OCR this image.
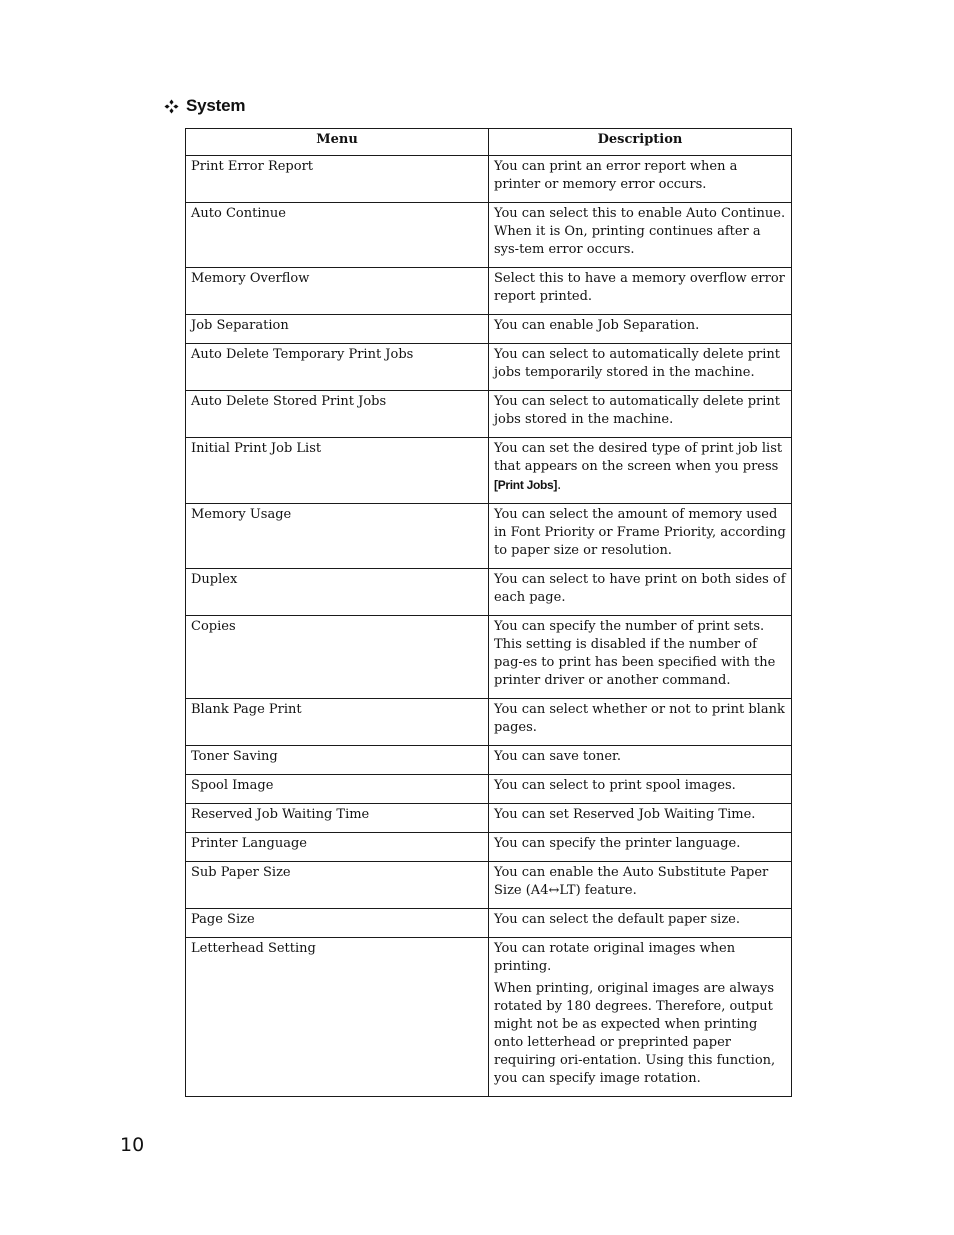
System
Menu	Description
Print Error Report	You can print an error report when a printer or memory error occurs.

Auto Continue	You can select this to enable Auto Continue. When it is On, printing continues after a sys-tem error occurs.

Memory Overflow	Select this to have a memory overflow error report printed.

Job Separation	You can enable Job Separation.

Auto Delete Temporary Print Jobs	You can select to automatically delete print jobs temporarily stored in the machine.

Auto Delete Stored Print Jobs	You can select to automatically delete print jobs stored in the machine.

Initial Print Job List	You can set the desired type of print job list that appears on the screen when you press [Print Jobs].

Memory Usage	You can select the amount of memory used in Font Priority or Frame Priority, according to paper size or resolution.

Duplex	You can select to have print on both sides of each page.

Copies	You can specify the number of print sets. This setting is disabled if the number of pag-es to print has been specified with the printer driver or another command.

Blank Page Print	You can select whether or not to print blank pages.

Toner Saving	You can save toner.

Spool Image	You can select to print spool images.

Reserved Job Waiting Time	You can set Reserved Job Waiting Time.

Printer Language	You can specify the printer language.

Sub Paper Size	You can enable the Auto Substitute Paper Size (A4↔LT) feature.

Page Size	You can select the default paper size.

Letterhead Setting	You can rotate original images when printing.
When printing, original images are always rotated by 180 degrees. Therefore, output might not be as expected when printing onto letterhead or preprinted paper requiring ori-entation. Using this function, you can specify image rotation.
10
